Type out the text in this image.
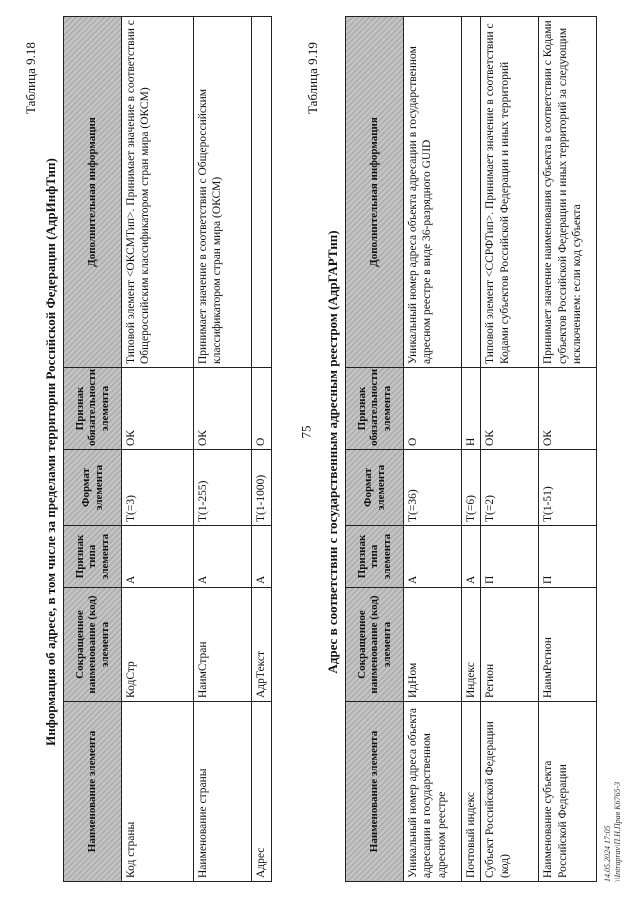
75
Таблица 9.18
Информация об адресе, в том числе за пределами территории Российской Федерации (АдрИнфТип)
Наименование элемента	Сокращенное наименование (код) элемента	Признак типа элемента	Формат элемента	Признак обязательности элемента	Дополнительная информация
Код страны	КодСтр	А	T(=3)	ОК	Типовой элемент <ОКСМТип>. Принимает значение в соответствии с Общероссийским классификатором стран мира (ОКСМ)
Наименование страны	НаимСтран	А	T(1-255)	ОК	Принимает значение в соответствии с Общероссийским классификатором стран мира (ОКСМ)
Адрес	АдрТекст	А	T(1-1000)	О	
Таблица 9.19
Адрес в соответствии с государственным адресным реестром (АдрГАРТип)
Наименование элемента	Сокращенное наименование (код) элемента	Признак типа элемента	Формат элемента	Признак обязательности элемента	Дополнительная информация
Уникальный номер адреса объекта адресации в государственном адресном реестре	ИдНом	А	T(=36)	О	Уникальный номер адреса объекта адресации в государственном адресном реестре в виде 36-разрядного GUID
Почтовый индекс	Индекс	А	T(=6)	Н	
Субъект Российской Федерации (код)	Регион	П	T(=2)	ОК	Типовой элемент <ССРФТип>. Принимает значение в соответствии с Кодами субъектов Российской Федерации и иных территорий
Наименование субъекта Российской Федерации	НаимРегион	П	T(1-51)	ОК	Принимает значение наименования субъекта в соответствии с Кодами субъектов Российской Федерации и иных территорий за следующим исключением: если код субъекта
14.05.2024 17:05 \\Intraprav\П.Н.Прав К6765-3
